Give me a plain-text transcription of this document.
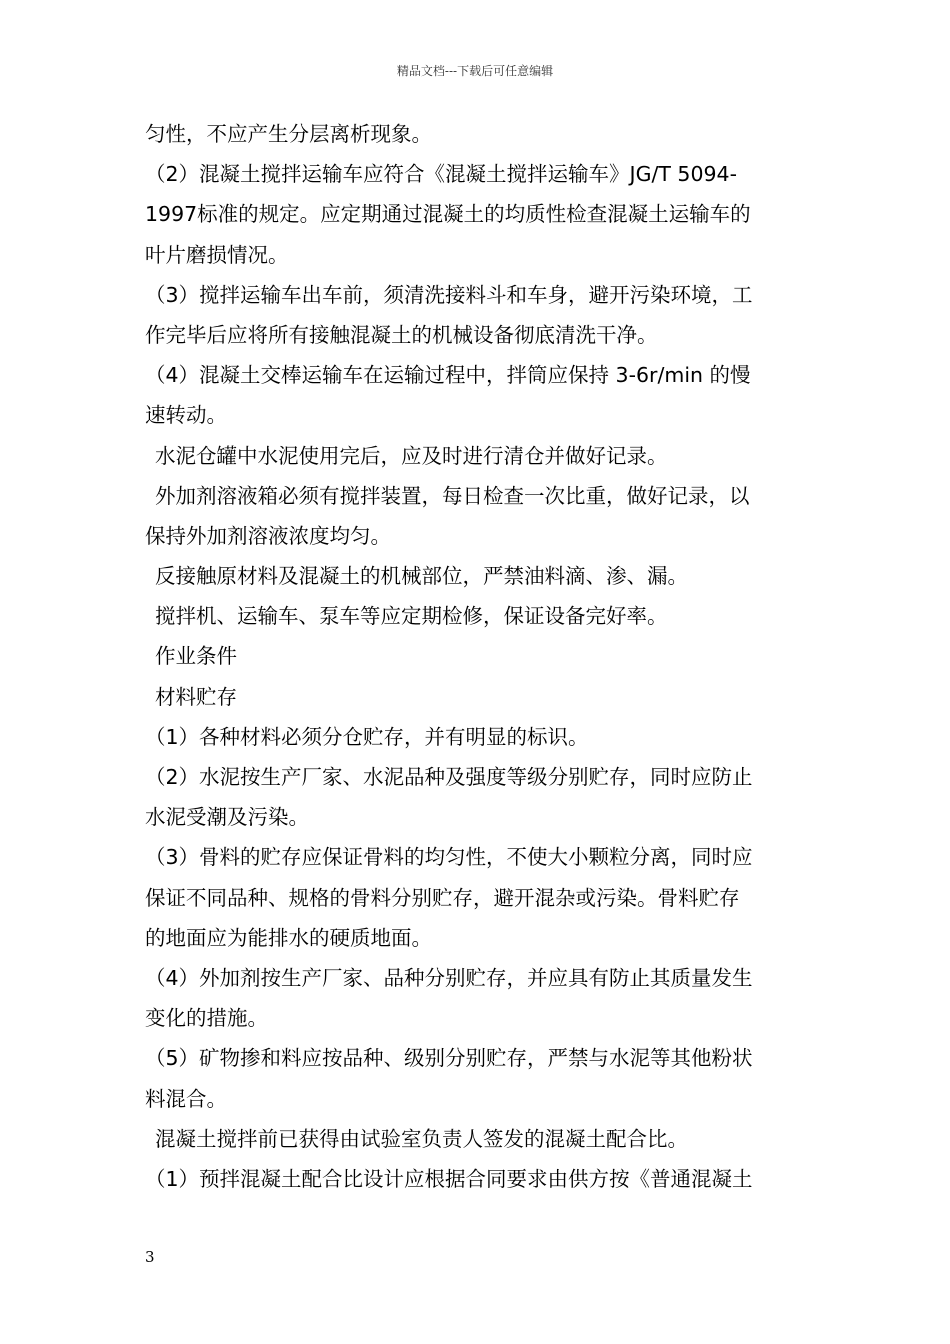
精品文档---下载后可任意编辑
匀性，不应产生分层离析现象。
（2）混凝土搅拌运输车应符合《混凝土搅拌运输车》JG/T 5094-
1997标准的规定。应定期通过混凝土的均质性检查混凝土运输车的
叶片磨损情况。
（3）搅拌运输车出车前，须清洗接料斗和车身，避开污染环境，工
作完毕后应将所有接触混凝土的机械设备彻底清洗干净。
（4）混凝土交棒运输车在运输过程中，拌筒应保持 3-6r/min 的慢
速转动。
水泥仓罐中水泥使用完后，应及时进行清仓并做好记录。
外加剂溶液箱必须有搅拌装置，每日检查一次比重，做好记录，以
保持外加剂溶液浓度均匀。
反接触原材料及混凝土的机械部位，严禁油料滴、渗、漏。
搅拌机、运输车、泵车等应定期检修，保证设备完好率。
作业条件
材料贮存
（1）各种材料必须分仓贮存，并有明显的标识。
（2）水泥按生产厂家、水泥品种及强度等级分别贮存，同时应防止
水泥受潮及污染。
（3）骨料的贮存应保证骨料的均匀性，不使大小颗粒分离，同时应
保证不同品种、规格的骨料分别贮存，避开混杂或污染。骨料贮存
的地面应为能排水的硬质地面。
（4）外加剂按生产厂家、品种分别贮存，并应具有防止其质量发生
变化的措施。
（5）矿物掺和料应按品种、级别分别贮存，严禁与水泥等其他粉状
料混合。
混凝土搅拌前已获得由试验室负责人签发的混凝土配合比。
（1）预拌混凝土配合比设计应根据合同要求由供方按《普通混凝土
3
